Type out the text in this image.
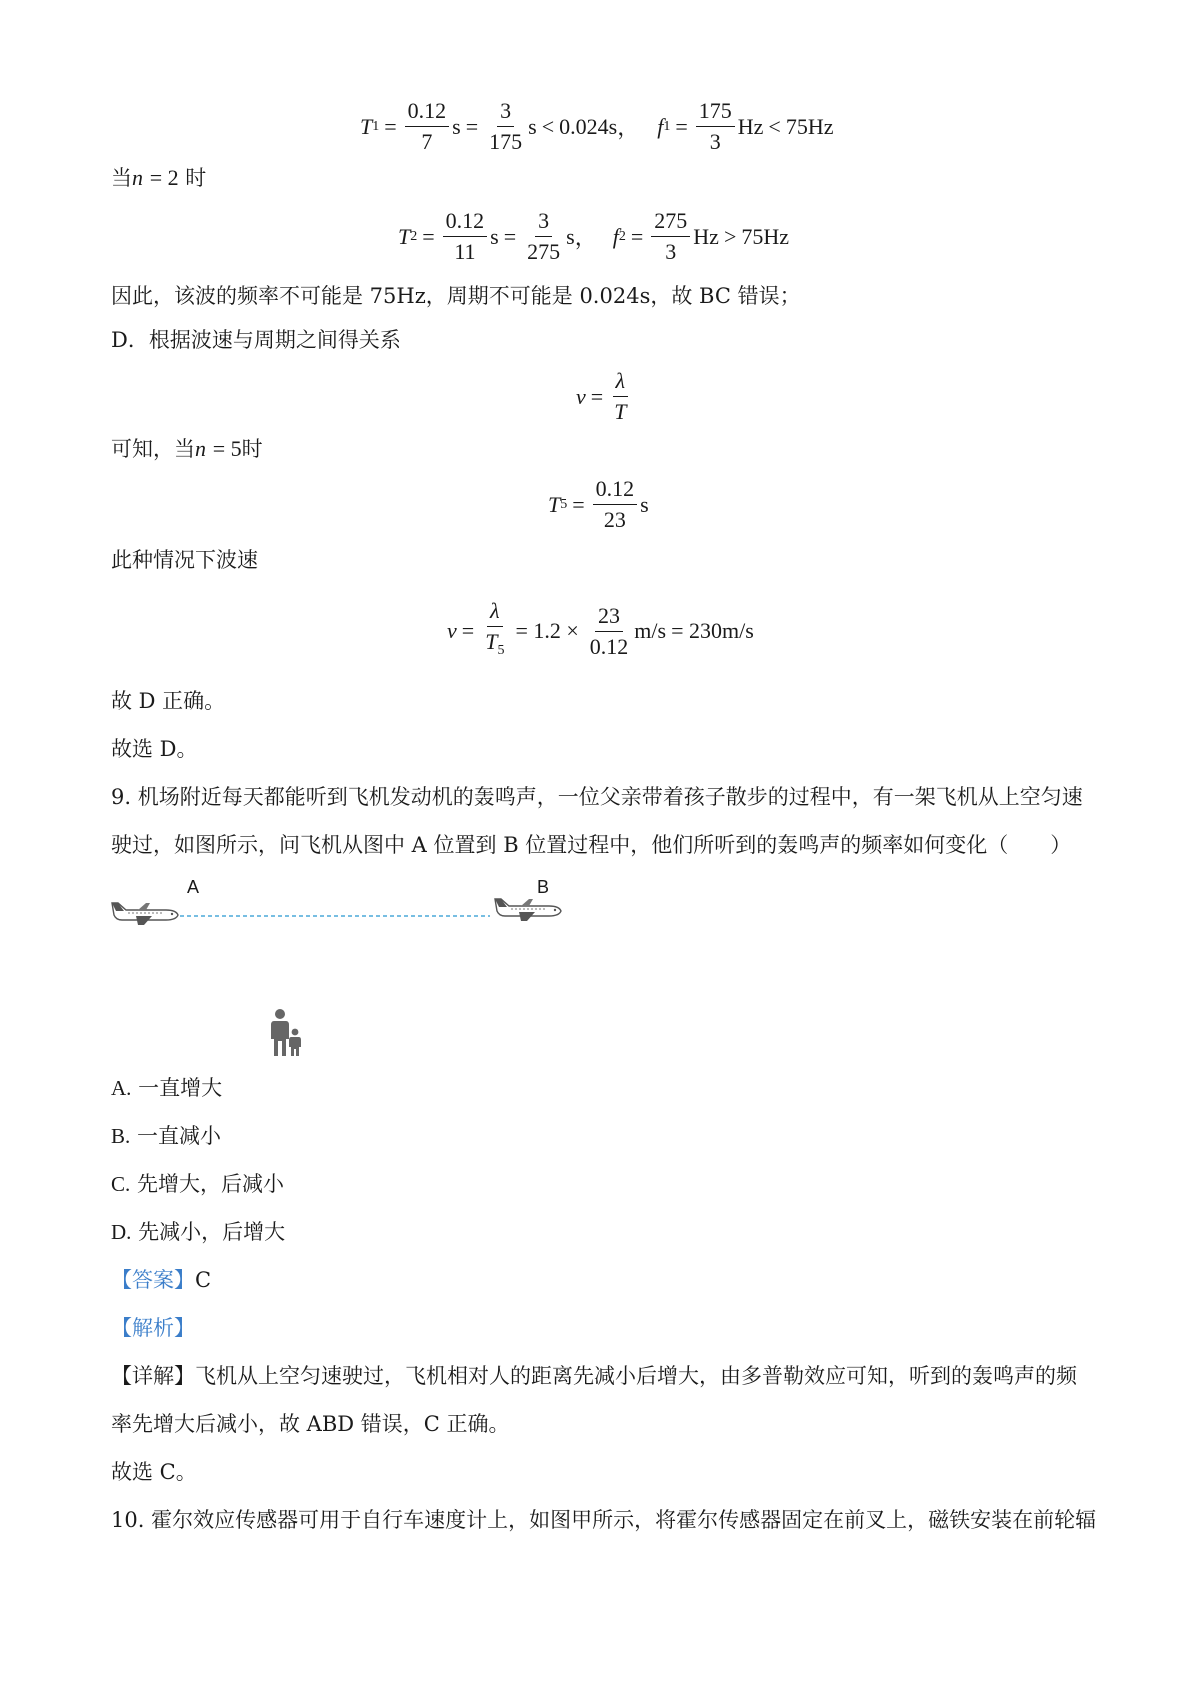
T $1 = \frac{0.12}{7}$ $s = \frac{3}{175}$ s < 0.024s ， f $1 = \frac{175}{3}$ Hz < 75Hz
当n = 2 时
T $2 = \frac{0.12}{11}$ $s = \frac{3}{275}$ s ， f $2 = \frac{275}{3}$ Hz > 75Hz
因此，该波的频率不可能是 75Hz，周期不可能是 0.024s，故 BC 错误；
D．根据波速与周期之间得关系
$v = \frac{\lambda}{T}$
可知，当n = 5时
T $5 = \frac{0.12}{23}$ s
此种情况下波速
$v = \frac{\lambda}{T_5} = 1.2 \times \frac{23}{0.12} m/s = 230m/s$
故 D 正确。
故选 D。
9. 机场附近每天都能听到飞机发动机的轰鸣声，一位父亲带着孩子散步的过程中，有一架飞机从上空匀速
驶过，如图所示，问飞机从图中 A 位置到 B 位置过程中，他们所听到的轰鸣声的频率如何变化（　　）
A	B
A. 一直增大
B. 一直减小
C. 先增大，后减小
D. 先减小，后增大
【答案】C
【解析】
【详解】飞机从上空匀速驶过，飞机相对人的距离先减小后增大，由多普勒效应可知，听到的轰鸣声的频
率先增大后减小，故 ABD 错误，C 正确。
故选 C。
10. 霍尔效应传感器可用于自行车速度计上，如图甲所示，将霍尔传感器固定在前叉上，磁铁安装在前轮辐
